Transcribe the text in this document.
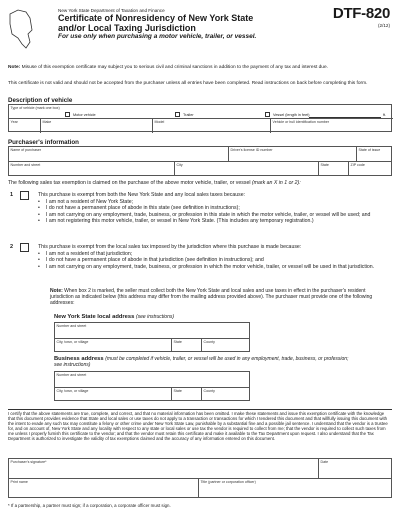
New York State Department of Taxation and Finance
Certificate of Nonresidency of New York State
and/or Local Taxing Jurisdiction
For use only when purchasing a motor vehicle, trailer, or vessel.
DTF-820
(2/12)
Note: Misuse of this exemption certificate may subject you to serious civil and criminal sanctions in addition to the payment of any tax and interest due.
This certificate is not valid and should not be accepted from the purchaser unless all entries have been completed. Read instructions on back before completing this form.
Description of vehicle
Type of vehicle (mark one box)
Motor vehicle	Trailer	Vessel (length in feet)	ft.
Year	Make	Model	Vehicle or hull identification number
Purchaser's information
Name of purchaser	Driver's license ID number	State of issue
Number and street	City	State	ZIP code
The following sales tax exemption is claimed on the purchase of the above motor vehicle, trailer, or vessel (mark an X in 1 or 2):
1	This purchase is exempt from both the New York State and any local sales taxes because:
• I am not a resident of New York State;
• I do not have a permanent place of abode in this state (see definition in instructions);
• I am not carrying on any employment, trade, business, or profession in this state in which the motor vehicle, trailer, or vessel will be used; and
• I am not registering this motor vehicle, trailer, or vessel in New York State. (This includes any temporary registration.)
2	This purchase is exempt from the local sales tax imposed by the jurisdiction where this purchase is made because:
• I am not a resident of that jurisdiction;
• I do not have a permanent place of abode in that jurisdiction (see definition in instructions); and
• I am not carrying on any employment, trade, business, or profession in which the motor vehicle, trailer, or vessel will be used in that jurisdiction.
Note: When box 2 is marked, the seller must collect both the New York State and local sales and use taxes in effect in the purchaser's resident jurisdiction as indicated below (this address may differ from the mailing address provided above). The purchaser must provide one of the following addresses:
New York State local address (see instructions)
Number and street
City, town, or village	State	County
Business address (must be completed if vehicle, trailer, or vessel will be used in any employment, trade, business, or profession; see instructions)
Number and street
City, town, or village	State	County
I certify that the above statements are true, complete, and correct, and that no material information has been omitted. I make these statements and issue this exemption certificate with the knowledge that this document provides evidence that State and local sales or use taxes do not apply to a transaction or transactions for which I tendered this document and that willfully issuing this document with the intent to evade any such tax may constitute a felony or other crime under New York State Law, punishable by a substantial fine and a possible jail sentence. I understand that the vendor is a trustee for, and on account of, New York State and any locality with respect to any state or local sales or use tax the vendor is required to collect from me; that the vendor is required to collect such taxes from me unless I properly furnish this certificate to the vendor; and that the vendor must retain this certificate and make it available to the Tax Department upon request. I also understand that the Tax Department is authorized to investigate the validity of tax exemptions claimed and the accuracy of any information entered on this document.
Purchaser's signature*	Date
Print name	Title (partner or corporation officer)
* If a partnership, a partner must sign; if a corporation, a corporate officer must sign.
